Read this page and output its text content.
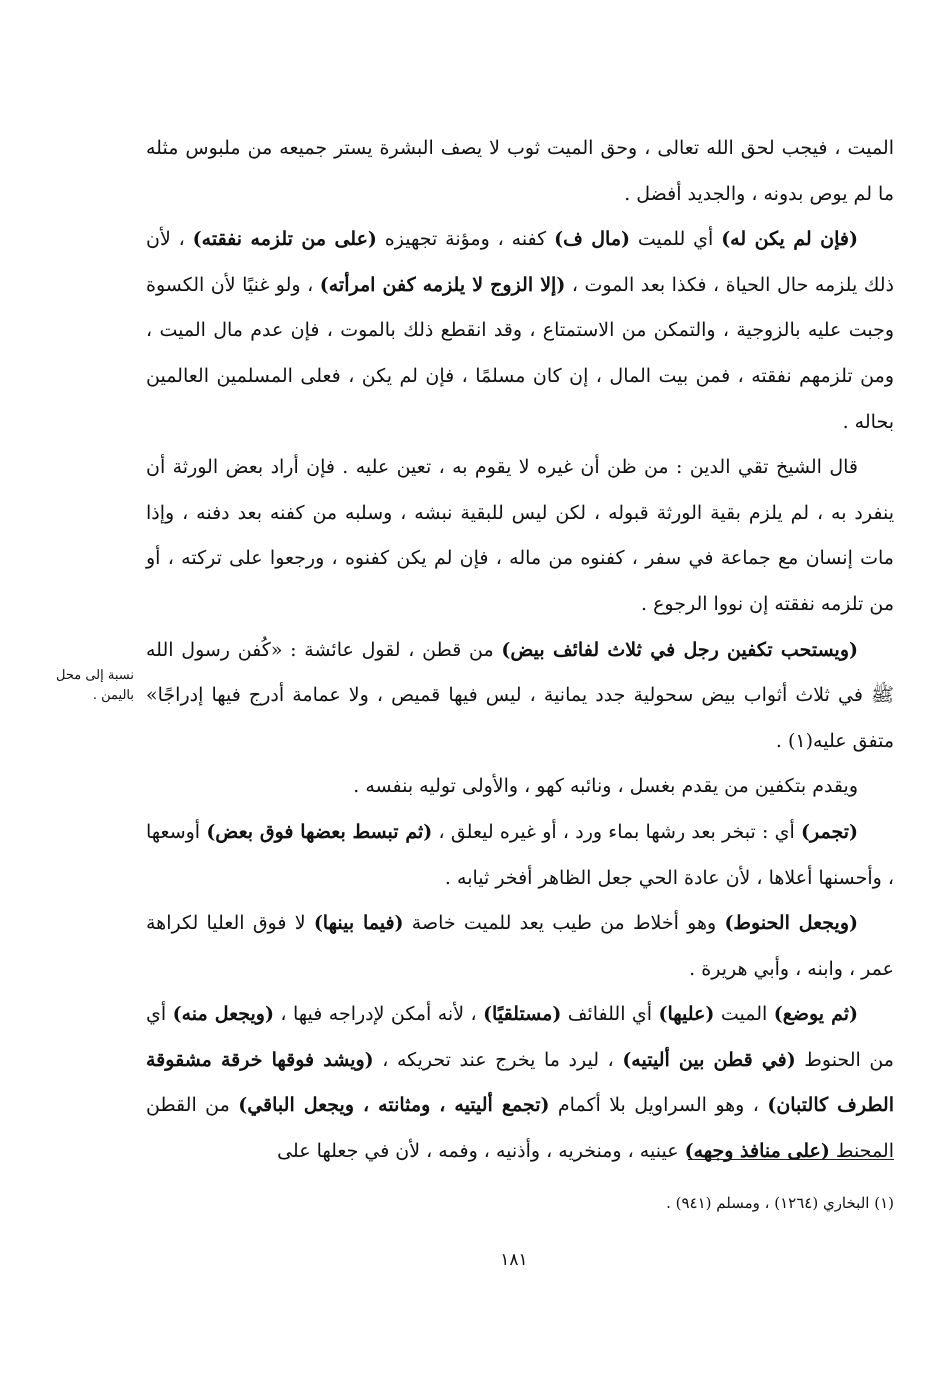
الميت ، فيجب لحق الله تعالى ، وحق الميت ثوب لا يصف البشرة يستر جميعه من ملبوس مثله ما لم يوص بدونه ، والجديد أفضل .

(فإن لم يكن له) أي للميت (مال ف) كفنه ، ومؤنة تجهيزه (على من تلزمه نفقته) ، لأن ذلك يلزمه حال الحياة ، فكذا بعد الموت ، (إلا الزوج لا يلزمه كفن امرأته) ، ولو غنيًا لأن الكسوة وجبت عليه بالزوجية ، والتمكن من الاستمتاع ، وقد انقطع ذلك بالموت ، فإن عدم مال الميت ، ومن تلزمهم نفقته ، فمن بيت المال ، إن كان مسلمًا ، فإن لم يكن ، فعلى المسلمين العالمين بحاله .

قال الشيخ تقي الدين : من ظن أن غيره لا يقوم به ، تعين عليه . فإن أراد بعض الورثة أن ينفرد به ، لم يلزم بقية الورثة قبوله ، لكن ليس للبقية نبشه ، وسلبه من كفنه بعد دفنه ، وإذا مات إنسان مع جماعة في سفر ، كفنوه من ماله ، فإن لم يكن كفنوه ، ورجعوا على تركته ، أو من تلزمه نفقته إن نووا الرجوع .

(ويستحب تكفين رجل في ثلاث لفائف بيض) من قطن ، لقول عائشة : «كُفن رسول الله ﷺ في ثلاث أثواب بيض سحولية جدد يمانية ، ليس فيها قميص ، ولا عمامة أدرج فيها إدراجًا» متفق عليه(١) .

ويقدم بتكفين من يقدم بغسل ، ونائبه كهو ، والأولى توليه بنفسه .

(تجمر) أي : تبخر بعد رشها بماء ورد ، أو غيره ليعلق ، (ثم تبسط بعضها فوق بعض) أوسعها ، وأحسنها أعلاها ، لأن عادة الحي جعل الظاهر أفخر ثيابه .

(ويجعل الحنوط) وهو أخلاط من طيب يعد للميت خاصة (فيما بينها) لا فوق العليا لكراهة عمر ، وابنه ، وأبي هريرة .

(ثم يوضع) الميت (عليها) أي اللفائف (مستلقيًا) ، لأنه أمكن لإدراجه فيها ، (ويجعل منه) أي من الحنوط (في قطن بين أليتيه) ، ليرد ما يخرج عند تحريكه ، (ويشد فوقها خرقة مشقوقة الطرف كالتبان) ، وهو السراويل بلا أكمام (تجمع أليتيه ، ومثانته ، ويجعل الباقي) من القطن المحنط (على منافذ وجهه) عينيه ، ومنخريه ، وأذنيه ، وفمه ، لأن في جعلها على

نسبة إلى محل باليمن .
(١) البخاري (١٢٦٤) ، ومسلم (٩٤١) .
١٨١
